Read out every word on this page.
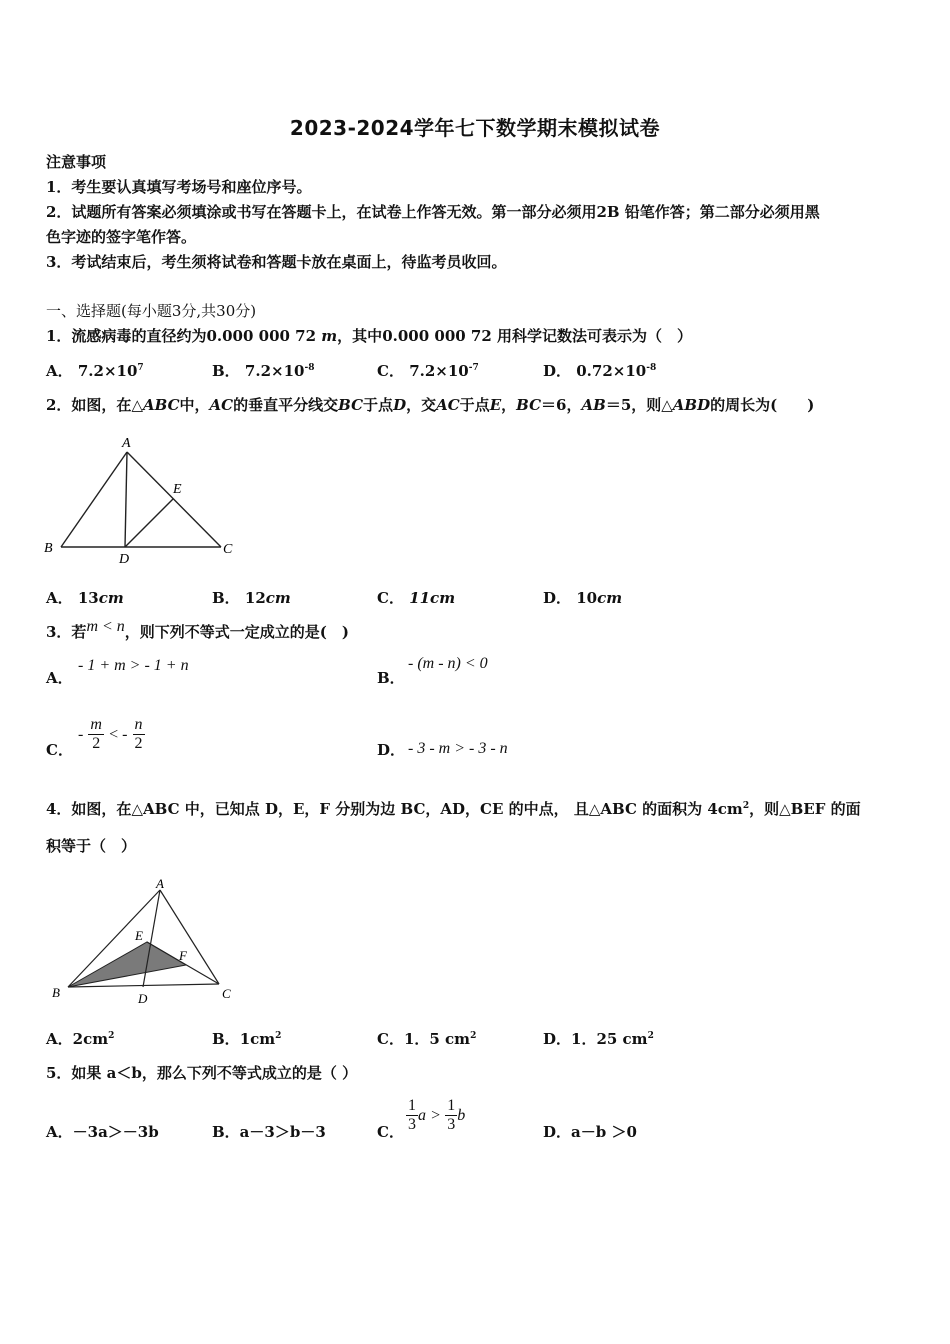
2023-2024学年七下数学期末模拟试卷
注意事项
1．考生要认真填写考场号和座位序号。
2．试题所有答案必须填涂或书写在答题卡上，在试卷上作答无效。第一部分必须用2B 铅笔作答；第二部分必须用黑
色字迹的签字笔作答。
3．考试结束后，考生须将试卷和答题卡放在桌面上，待监考员收回。
一、选择题(每小题3分,共30分)
1．流感病毒的直径约为0.000 000 72 m，其中0.000 000 72 用科学记数法可表示为（　）
A． $7.2\times 10^7$	B． $7.2\times 10^{-8}$	C． $7.2\times 10^{-7}$	D． $0.72\times 10^{-8}$
2．如图，在△ABC中，AC的垂直平分线交BC于点D，交AC于点E，BC＝6，AB＝5，则△ABD的周长为(　　)
A
B	C
D
E
A． 13cm	B． 12cm	C． 11cm	D． 10cm
3．若m < n，则下列不等式一定成立的是(　)
A．
- 1 + m > - 1 + n
B．
- (m - n) < 0
C．
- $\frac{m}{2}$ < - $\frac{n}{2}$	D． - 3 - m > - 3 - n
4．如图，在△ABC 中，已知点 D，E，F 分别为边 BC，AD，CE 的中点， 且△ABC 的面积为 $4cm^2$，则△BEF 的面
积等于（　）
A
B	C
D
E
F
A．$2cm^2$	B．$1cm^2$	C．1．5 $cm^2$	D．1．25 $cm^2$
5．如果 a＜b，那么下列不等式成立的是（ ）
A．－3a＞－3b	B．a－3＞b－3	C． $\frac{1}{3}$ $a > \frac{1}{3}$ b
D．a－b ＞0
